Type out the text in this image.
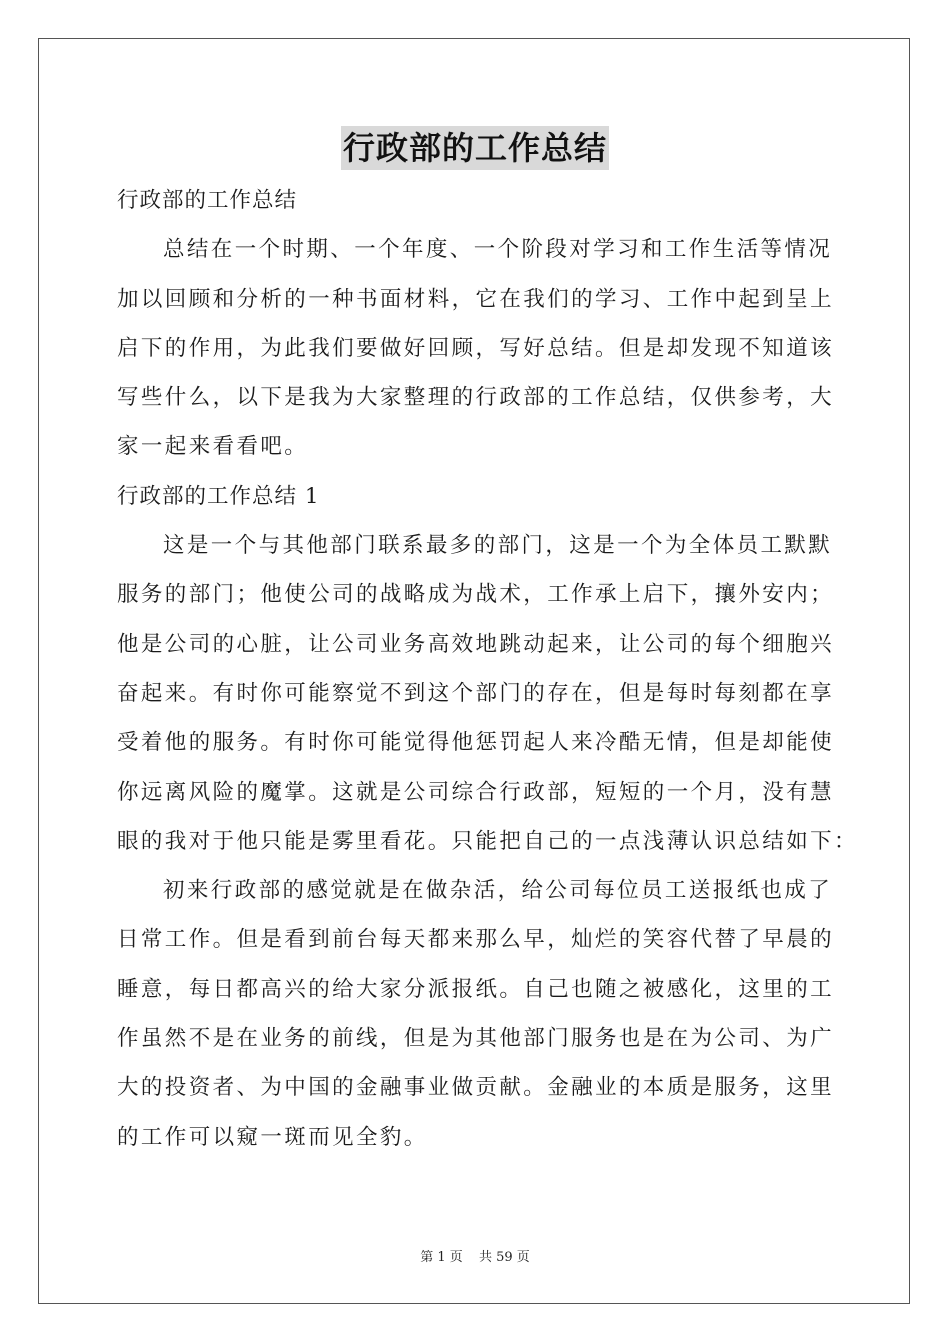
行政部的工作总结
行政部的工作总结
总结在一个时期、一个年度、一个阶段对学习和工作生活等情况
加以回顾和分析的一种书面材料，它在我们的学习、工作中起到呈上
启下的作用，为此我们要做好回顾，写好总结。但是却发现不知道该
写些什么，以下是我为大家整理的行政部的工作总结，仅供参考，大
家一起来看看吧。
行政部的工作总结 1
这是一个与其他部门联系最多的部门，这是一个为全体员工默默
服务的部门；他使公司的战略成为战术，工作承上启下，攘外安内；
他是公司的心脏，让公司业务高效地跳动起来，让公司的每个细胞兴
奋起来。有时你可能察觉不到这个部门的存在，但是每时每刻都在享
受着他的服务。有时你可能觉得他惩罚起人来冷酷无情，但是却能使
你远离风险的魔掌。这就是公司综合行政部，短短的一个月，没有慧
眼的我对于他只能是雾里看花。只能把自己的一点浅薄认识总结如下：
初来行政部的感觉就是在做杂活，给公司每位员工送报纸也成了
日常工作。但是看到前台每天都来那么早，灿烂的笑容代替了早晨的
睡意，每日都高兴的给大家分派报纸。自己也随之被感化，这里的工
作虽然不是在业务的前线，但是为其他部门服务也是在为公司、为广
大的投资者、为中国的金融事业做贡献。金融业的本质是服务，这里
的工作可以窥一斑而见全豹。
第 1 页 共 59 页
